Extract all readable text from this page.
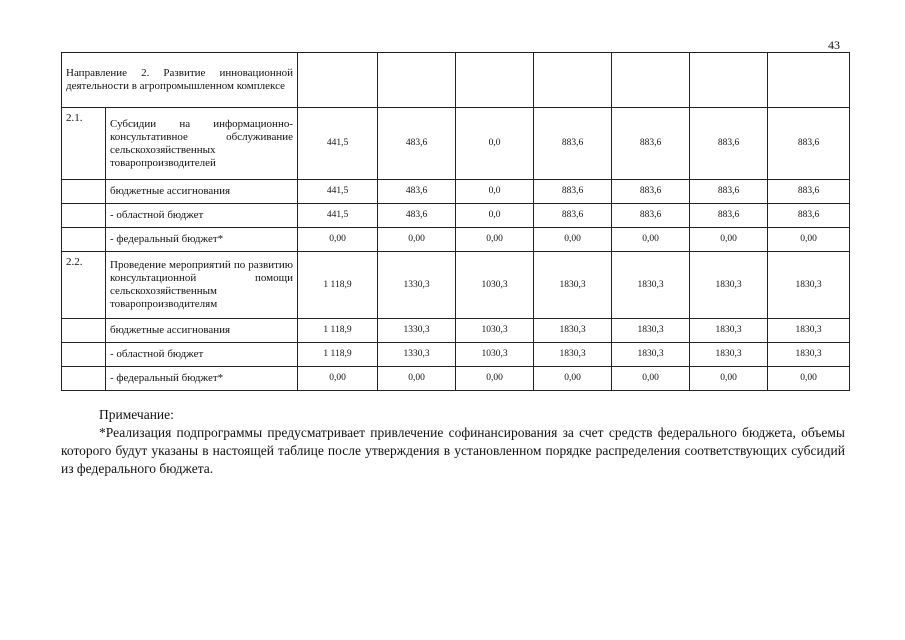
43
Направление 2. Развитие инновационной деятельности в агропромышленном комплексе								
2.1.	Субсидии на информационно-консультативное обслуживание сельскохозяйственных товаропроизводителей	441,5	483,6	0,0	883,6	883,6	883,6	883,6
	бюджетные ассигнования	441,5	483,6	0,0	883,6	883,6	883,6	883,6
	- областной бюджет	441,5	483,6	0,0	883,6	883,6	883,6	883,6
	- федеральный бюджет*	0,00	0,00	0,00	0,00	0,00	0,00	0,00
2.2.	Проведение мероприятий по развитию консультационной помощи сельскохозяйственным товаропроизводителям	1 118,9	1330,3	1030,3	1830,3	1830,3	1830,3	1830,3
	бюджетные ассигнования	1 118,9	1330,3	1030,3	1830,3	1830,3	1830,3	1830,3
	- областной бюджет	1 118,9	1330,3	1030,3	1830,3	1830,3	1830,3	1830,3
	- федеральный бюджет*	0,00	0,00	0,00	0,00	0,00	0,00	0,00
Примечание:
*Реализация подпрограммы предусматривает привлечение софинансирования за счет средств федерального бюджета, объемы которого будут указаны в настоящей таблице после утверждения в установленном порядке распределения соответствующих субсидий из федерального бюджета.
